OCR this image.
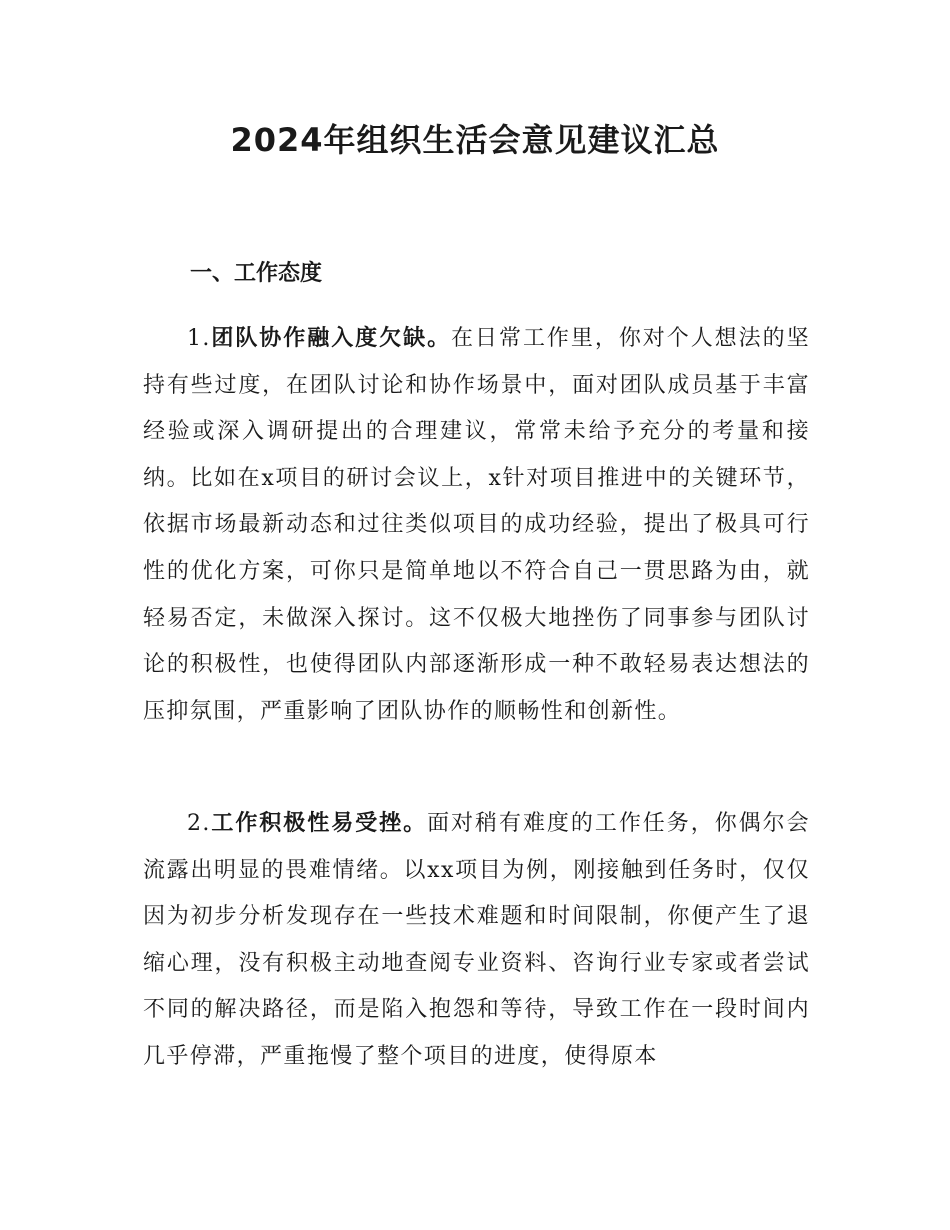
2024年组织生活会意见建议汇总
一、工作态度

1.团队协作融入度欠缺。在日常工作里，你对个人想法的坚持有些过度，在团队讨论和协作场景中，面对团队成员基于丰富经验或深入调研提出的合理建议，常常未给予充分的考量和接纳。比如在x项目的研讨会议上，x针对项目推进中的关键环节，依据市场最新动态和过往类似项目的成功经验，提出了极具可行性的优化方案，可你只是简单地以不符合自己一贯思路为由，就轻易否定，未做深入探讨。这不仅极大地挫伤了同事参与团队讨论的积极性，也使得团队内部逐渐形成一种不敢轻易表达想法的压抑氛围，严重影响了团队协作的顺畅性和创新性。

2.工作积极性易受挫。面对稍有难度的工作任务，你偶尔会流露出明显的畏难情绪。以xx项目为例，刚接触到任务时，仅仅因为初步分析发现存在一些技术难题和时间限制，你便产生了退缩心理，没有积极主动地查阅专业资料、咨询行业专家或者尝试不同的解决路径，而是陷入抱怨和等待，导致工作在一段时间内几乎停滞，严重拖慢了整个项目的进度，使得原本
